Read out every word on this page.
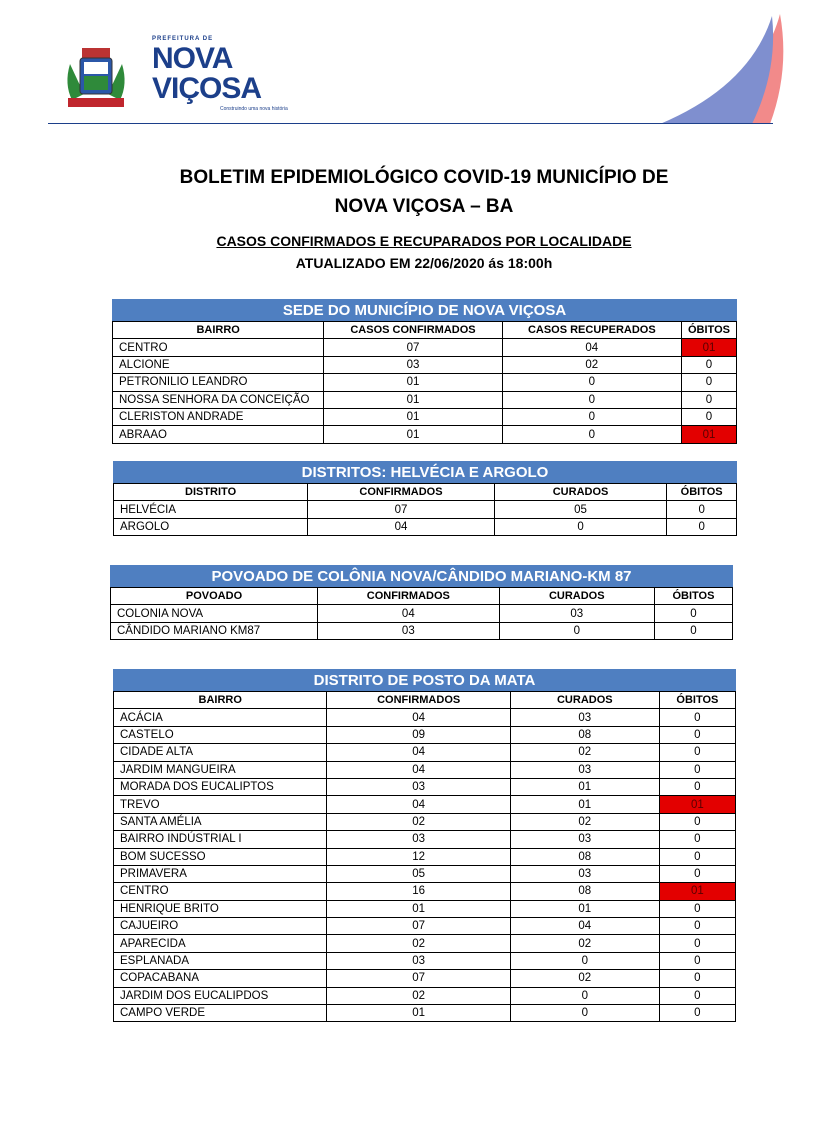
PREFEITURA DE
NOVA
VIÇOSA
Construindo uma nova história
BOLETIM EPIDEMIOLÓGICO COVID-19 MUNICÍPIO DE
NOVA VIÇOSA – BA
CASOS CONFIRMADOS E RECUPARADOS POR LOCALIDADE
ATUALIZADO EM 22/06/2020 ás 18:00h
SEDE DO MUNICÍPIO DE NOVA VIÇOSA			
BAIRRO	CASOS CONFIRMADOS	CASOS RECUPERADOS	ÓBITOS
CENTRO	07	04	01
ALCIONE	03	02	0
PETRONILIO LEANDRO	01	0	0
NOSSA SENHORA DA CONCEIÇÃO	01	0	0
CLERISTON ANDRADE	01	0	0
ABRAAO	01	0	01
DISTRITOS: HELVÉCIA E ARGOLO			
DISTRITO	CONFIRMADOS	CURADOS	ÓBITOS
HELVÉCIA	07	05	0
ARGOLO	04	0	0
POVOADO DE COLÔNIA NOVA/CÂNDIDO MARIANO-KM 87			
POVOADO	CONFIRMADOS	CURADOS	ÓBITOS
COLONIA NOVA	04	03	0
CÂNDIDO MARIANO KM87	03	0	0
DISTRITO DE POSTO DA MATA			
BAIRRO	CONFIRMADOS	CURADOS	ÓBITOS
ACÁCIA	04	03	0
CASTELO	09	08	0
CIDADE ALTA	04	02	0
JARDIM MANGUEIRA	04	03	0
MORADA DOS EUCALIPTOS	03	01	0
TREVO	04	01	01
SANTA AMÉLIA	02	02	0
BAIRRO INDÚSTRIAL I	03	03	0
BOM SUCESSO	12	08	0
PRIMAVERA	05	03	0
CENTRO	16	08	01
HENRIQUE BRITO	01	01	0
CAJUEIRO	07	04	0
APARECIDA	02	02	0
ESPLANADA	03	0	0
COPACABANA	07	02	0
JARDIM DOS EUCALIPDOS	02	0	0
CAMPO VERDE	01	0	0
